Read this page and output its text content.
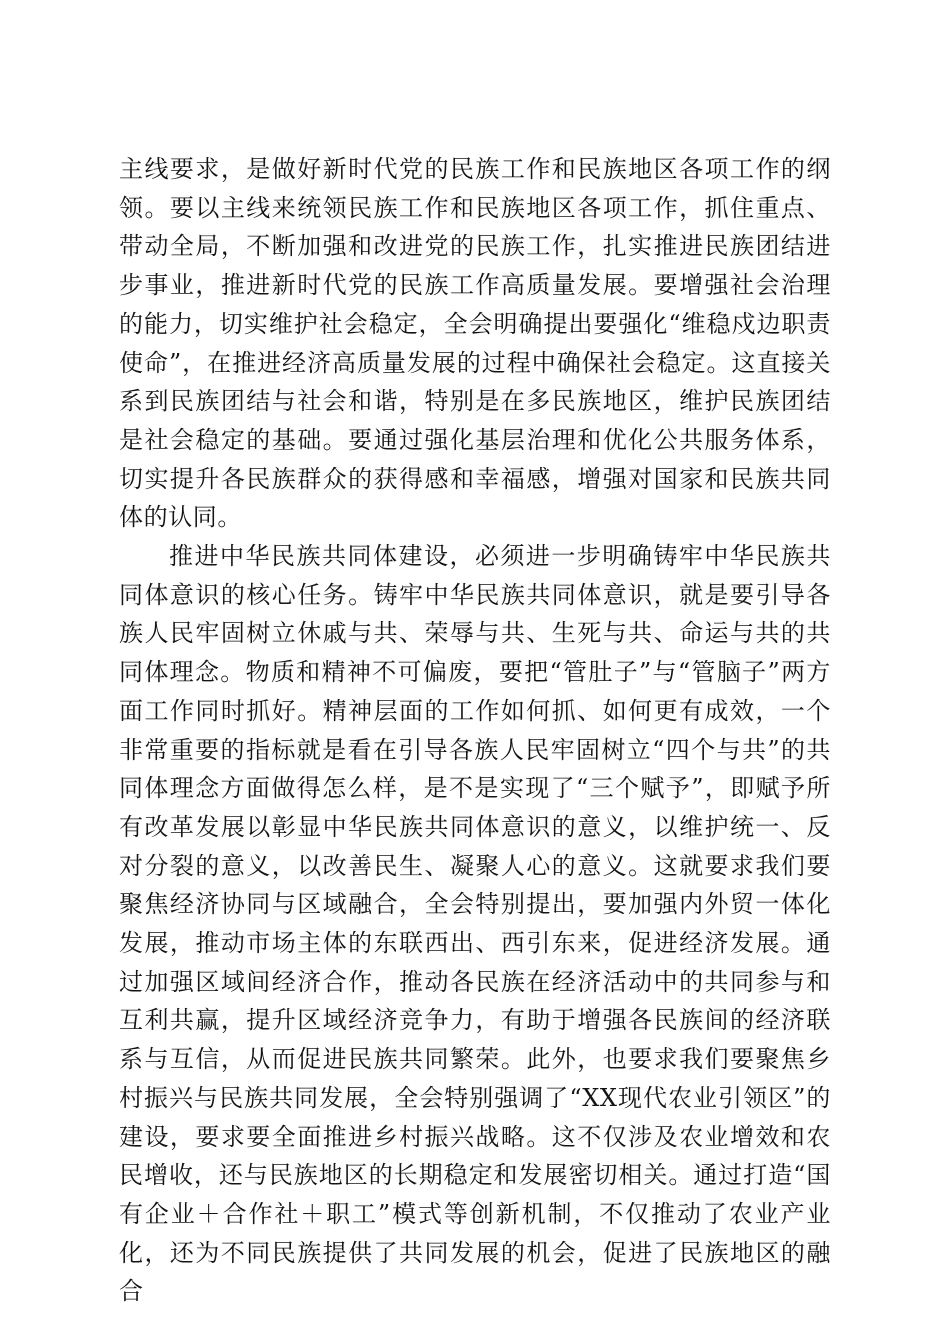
主线要求，是做好新时代党的民族工作和民族地区各项工作的纲领。要以主线来统领民族工作和民族地区各项工作，抓住重点、带动全局，不断加强和改进党的民族工作，扎实推进民族团结进步事业，推进新时代党的民族工作高质量发展。要增强社会治理的能力，切实维护社会稳定，全会明确提出要强化“维稳戍边职责使命”，在推进经济高质量发展的过程中确保社会稳定。这直接关系到民族团结与社会和谐，特别是在多民族地区，维护民族团结是社会稳定的基础。要通过强化基层治理和优化公共服务体系，切实提升各民族群众的获得感和幸福感，增强对国家和民族共同体的认同。

推进中华民族共同体建设，必须进一步明确铸牢中华民族共同体意识的核心任务。铸牢中华民族共同体意识，就是要引导各族人民牢固树立休戚与共、荣辱与共、生死与共、命运与共的共同体理念。物质和精神不可偏废，要把“管肚子”与“管脑子”两方面工作同时抓好。精神层面的工作如何抓、如何更有成效，一个非常重要的指标就是看在引导各族人民牢固树立“四个与共”的共同体理念方面做得怎么样，是不是实现了“三个赋予”，即赋予所有改革发展以彰显中华民族共同体意识的意义，以维护统一、反对分裂的意义，以改善民生、凝聚人心的意义。这就要求我们要聚焦经济协同与区域融合，全会特别提出，要加强内外贸一体化发展，推动市场主体的东联西出、西引东来，促进经济发展。通过加强区域间经济合作，推动各民族在经济活动中的共同参与和互利共赢，提升区域经济竞争力，有助于增强各民族间的经济联系与互信，从而促进民族共同繁荣。此外，也要求我们要聚焦乡村振兴与民族共同发展，全会特别强调了“XX现代农业引领区”的建设，要求要全面推进乡村振兴战略。这不仅涉及农业增效和农民增收，还与民族地区的长期稳定和发展密切相关。通过打造“国有企业＋合作社＋职工”模式等创新机制，不仅推动了农业产业化，还为不同民族提供了共同发展的机会，促进了民族地区的融合
